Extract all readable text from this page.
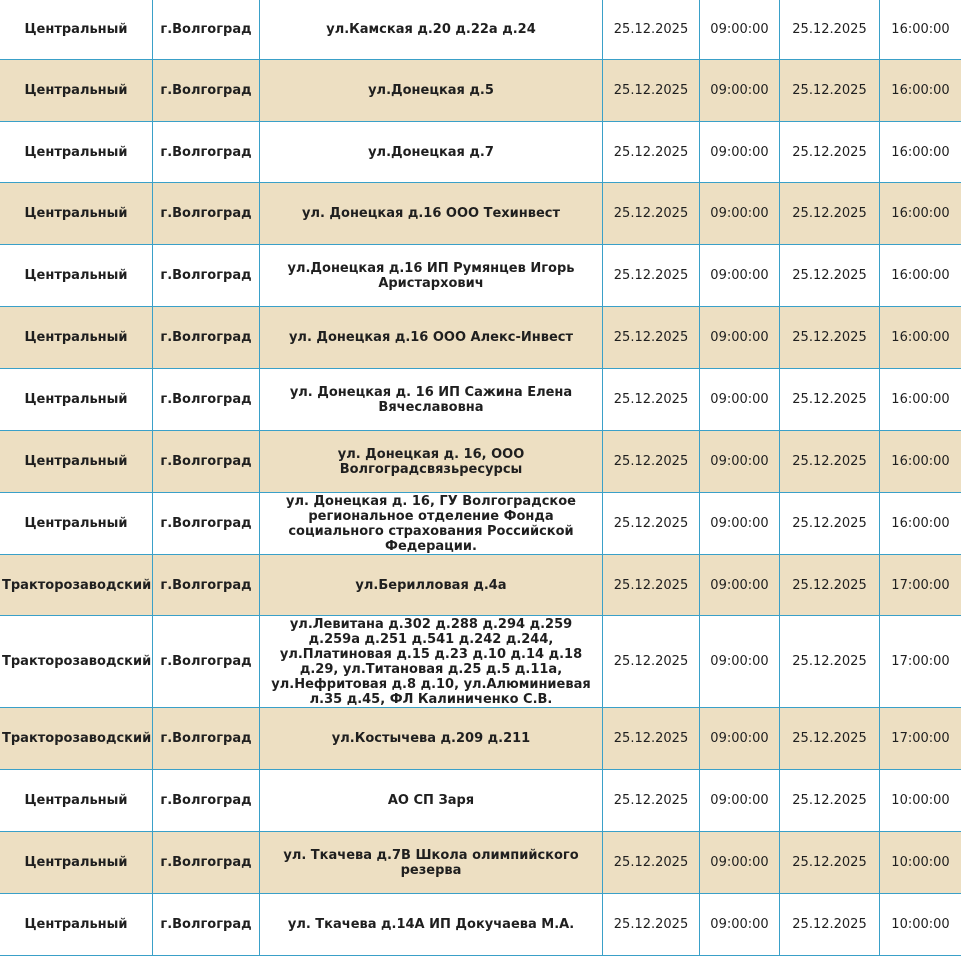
Центральный	г.Волгоград	ул.Камская д.20 д.22а д.24	25.12.2025	09:00:00	25.12.2025	16:00:00
Центральный	г.Волгоград	ул.Донецкая д.5	25.12.2025	09:00:00	25.12.2025	16:00:00
Центральный	г.Волгоград	ул.Донецкая д.7	25.12.2025	09:00:00	25.12.2025	16:00:00
Центральный	г.Волгоград	ул. Донецкая д.16 ООО Техинвест	25.12.2025	09:00:00	25.12.2025	16:00:00
Центральный	г.Волгоград	ул.Донецкая д.16 ИП Румянцев Игорь Аристархович	25.12.2025	09:00:00	25.12.2025	16:00:00
Центральный	г.Волгоград	ул. Донецкая д.16 ООО Алекс-Инвест	25.12.2025	09:00:00	25.12.2025	16:00:00
Центральный	г.Волгоград	ул. Донецкая д. 16 ИП Сажина Елена Вячеславовна	25.12.2025	09:00:00	25.12.2025	16:00:00
Центральный	г.Волгоград	ул. Донецкая д. 16, ООО Волгоградсвязьресурсы	25.12.2025	09:00:00	25.12.2025	16:00:00
Центральный	г.Волгоград	ул. Донецкая д. 16, ГУ Волгоградское региональное отделение Фонда социального страхования Российской Федерации.	25.12.2025	09:00:00	25.12.2025	16:00:00
Тракторозаводский	г.Волгоград	ул.Берилловая д.4а	25.12.2025	09:00:00	25.12.2025	17:00:00
Тракторозаводский	г.Волгоград	ул.Левитана д.302 д.288 д.294 д.259 д.259а д.251 д.541 д.242 д.244, ул.Платиновая д.15 д.23 д.10 д.14 д.18 д.29, ул.Титановая д.25 д.5 д.11а, ул.Нефритовая д.8 д.10, ул.Алюминиевая л.35 д.45, ФЛ Калиниченко С.В.	25.12.2025	09:00:00	25.12.2025	17:00:00
Тракторозаводский	г.Волгоград	ул.Костычева д.209 д.211	25.12.2025	09:00:00	25.12.2025	17:00:00
Центральный	г.Волгоград	АО СП Заря	25.12.2025	09:00:00	25.12.2025	10:00:00
Центральный	г.Волгоград	ул. Ткачева д.7В Школа олимпийского резерва	25.12.2025	09:00:00	25.12.2025	10:00:00
Центральный	г.Волгоград	ул. Ткачева д.14А ИП Докучаева М.А.	25.12.2025	09:00:00	25.12.2025	10:00:00
